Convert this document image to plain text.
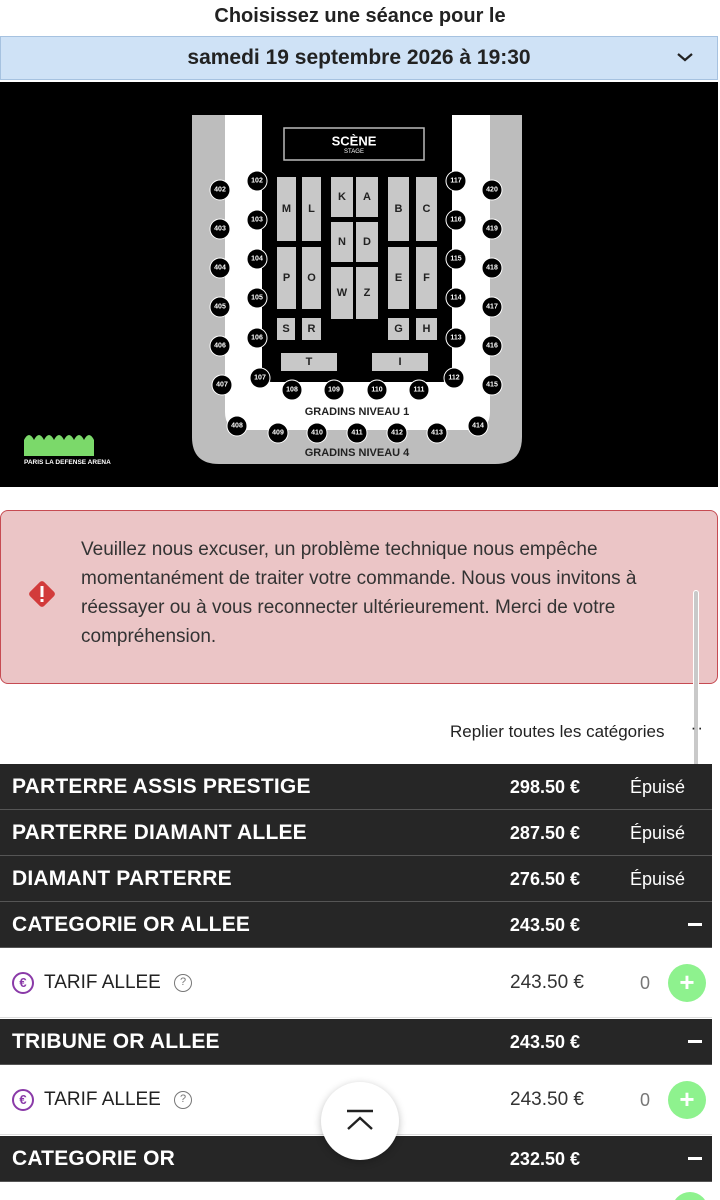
Choisissez une séance pour le
samedi 19 septembre 2026 à 19:30
SCÈNE
STAGE
M L
K A
B C
N D
P O
W Z
E F
S R	G H
T	I
102
103
104
105
106
107
108	109	110	111
112
113
114
115
116
117
402
403
404
405
406
407
408
409	410	411	412	413
414
415
416
417
418
419
420
GRADINS NIVEAU 1
GRADINS NIVEAU 4
PARIS LA DEFENSE ARENA
Veuillez nous excuser, un problème technique nous empêche momentanément de traiter votre commande. Nous vous invitons à réessayer ou à vous reconnecter ultérieurement. Merci de votre compréhension.
Replier toutes les catégories ··
PARTERRE ASSIS PRESTIGE	298.50 €	Épuisé
PARTERRE DIAMANT ALLEE	287.50 €	Épuisé
DIAMANT PARTERRE	276.50 €	Épuisé
CATEGORIE OR ALLEE	243.50 €
€ TARIF ALLEE	?	243.50 €	0	+
TRIBUNE OR ALLEE	243.50 €
€ TARIF ALLEE	?	243.50 €	0	+
CATEGORIE OR	232.50 €
